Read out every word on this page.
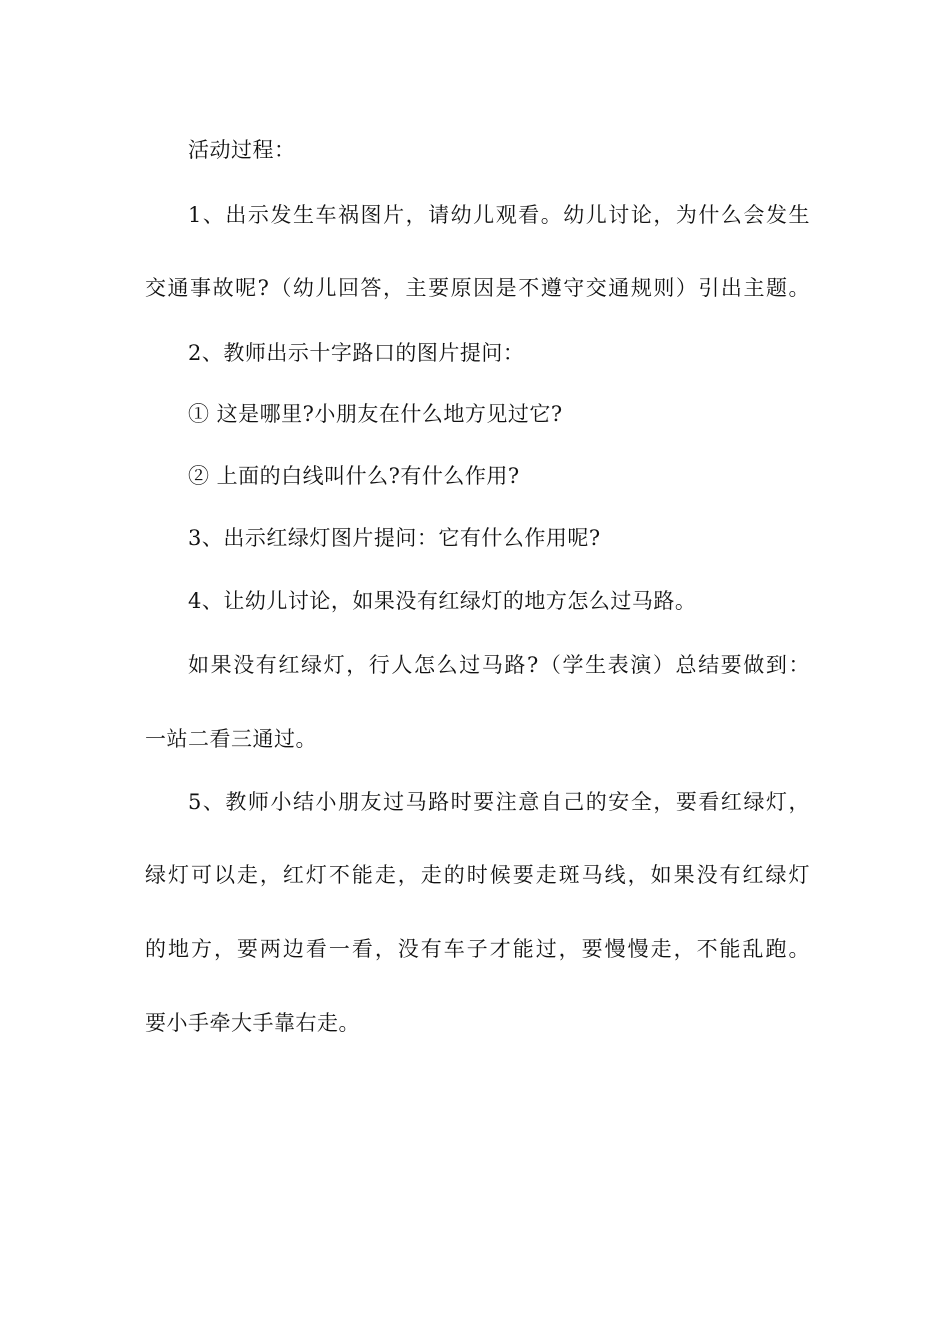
活动过程：
1、出示发生车祸图片，请幼儿观看。幼儿讨论，为什么会发生
交通事故呢?（幼儿回答，主要原因是不遵守交通规则）引出主题。
2、教师出示十字路口的图片提问：
① 这是哪里?小朋友在什么地方见过它?
② 上面的白线叫什么?有什么作用?
3、出示红绿灯图片提问：它有什么作用呢?
4、让幼儿讨论，如果没有红绿灯的地方怎么过马路。
如果没有红绿灯，行人怎么过马路?（学生表演）总结要做到：
一站二看三通过。
5、教师小结小朋友过马路时要注意自己的安全，要看红绿灯，
绿灯可以走，红灯不能走，走的时候要走斑马线，如果没有红绿灯
的地方，要两边看一看，没有车子才能过，要慢慢走，不能乱跑。
要小手牵大手靠右走。
